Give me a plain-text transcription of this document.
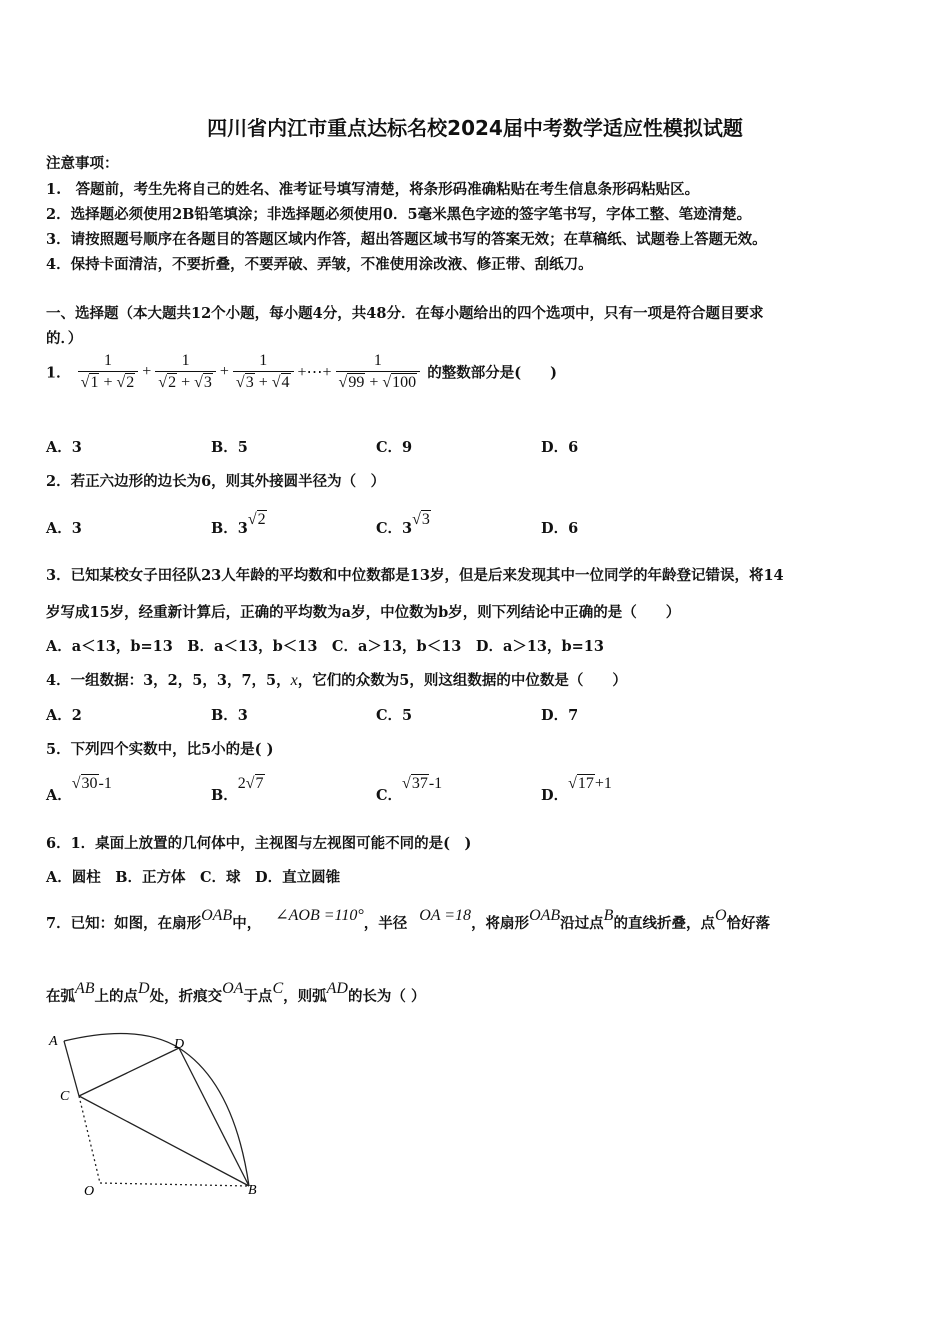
四川省内江市重点达标名校2024届中考数学适应性模拟试题
注意事项：
1.　答题前，考生先将自己的姓名、准考证号填写清楚，将条形码准确粘贴在考生信息条形码粘贴区。
2．选择题必须使用2B铅笔填涂；非选择题必须使用0．5毫米黑色字迹的签字笔书写，字体工整、笔迹清楚。
3．请按照题号顺序在各题目的答题区域内作答，超出答题区域书写的答案无效；在草稿纸、试题卷上答题无效。
4．保持卡面清洁，不要折叠，不要弄破、弄皱，不准使用涂改液、修正带、刮纸刀。
一、选择题（本大题共12个小题，每小题4分，共48分．在每小题给出的四个选项中，只有一项是符合题目要求
的．）
1． $\frac{1}{√1 + √2} + \frac{1}{√2 + √3} + \frac{1}{√3 + √4}$ +⋯+ $\frac{1}{√99 + √100}$ 的整数部分是(　　)
A．3	B．5	C．9	D．6
2．若正六边形的边长为6，则其外接圆半径为（　）
A．3	B．3√2
C．3√3
D．6
3．已知某校女子田径队23人年龄的平均数和中位数都是13岁，但是后来发现其中一位同学的年龄登记错误，将14
岁写成15岁，经重新计算后，正确的平均数为a岁，中位数为b岁，则下列结论中正确的是（　　）
A．a＜13，b=13　B．a＜13，b＜13　C．a＞13，b＜13　D．a＞13，b=13
4．一组数据：3，2，5，3，7，5，x，它们的众数为5，则这组数据的中位数是（　　）
A．2	B．3	C．5	D．7
5．下列四个实数中，比5小的是( )
A．√30-1
B．2√7
C．√37-1
D．√17+1
6．1．桌面上放置的几何体中，主视图与左视图可能不同的是(　)
A．圆柱　B．正方体　C．球　D．直立圆锥
7．已知：如图，在扇形OAB中， ∠AOB =110°，半径 OA =18，将扇形OAB沿过点B的直线折叠，点O恰好落
在弧AB上的点D处，折痕交OA于点C，则弧AD的长为（ ）
A	D
C
O	B
